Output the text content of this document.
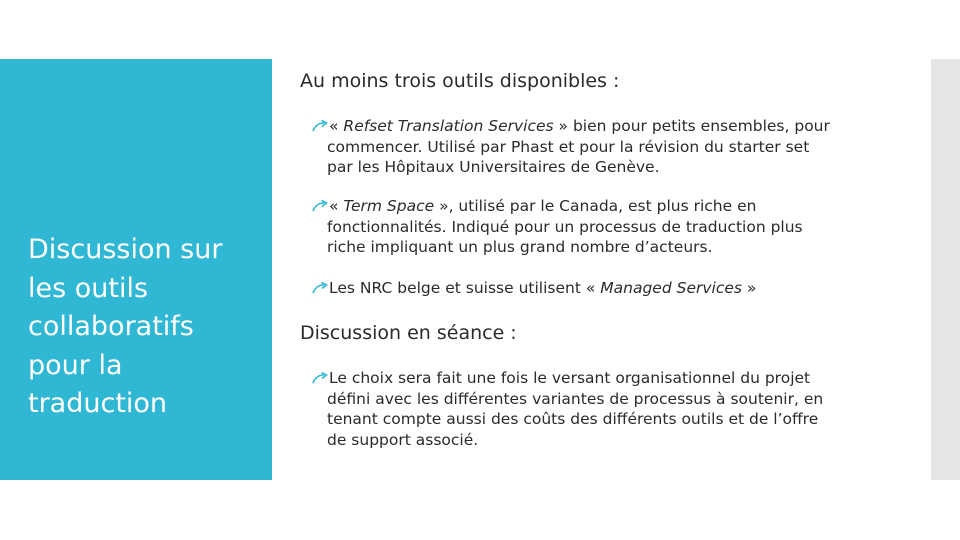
Discussion sur
les outils
collaboratifs
pour la
traduction
Au moins trois outils disponibles :
« Refset Translation Services » bien pour petits ensembles, pour
commencer. Utilisé par Phast et pour la révision du starter set
par les Hôpitaux Universitaires de Genève.
« Term Space », utilisé par le Canada, est plus riche en
fonctionnalités. Indiqué pour un processus de traduction plus
riche impliquant un plus grand nombre d’acteurs.
Les NRC belge et suisse utilisent « Managed Services »
Discussion en séance :
Le choix sera fait une fois le versant organisationnel du projet
défini avec les différentes variantes de processus à soutenir, en
tenant compte aussi des coûts des différents outils et de l’offre
de support associé.
